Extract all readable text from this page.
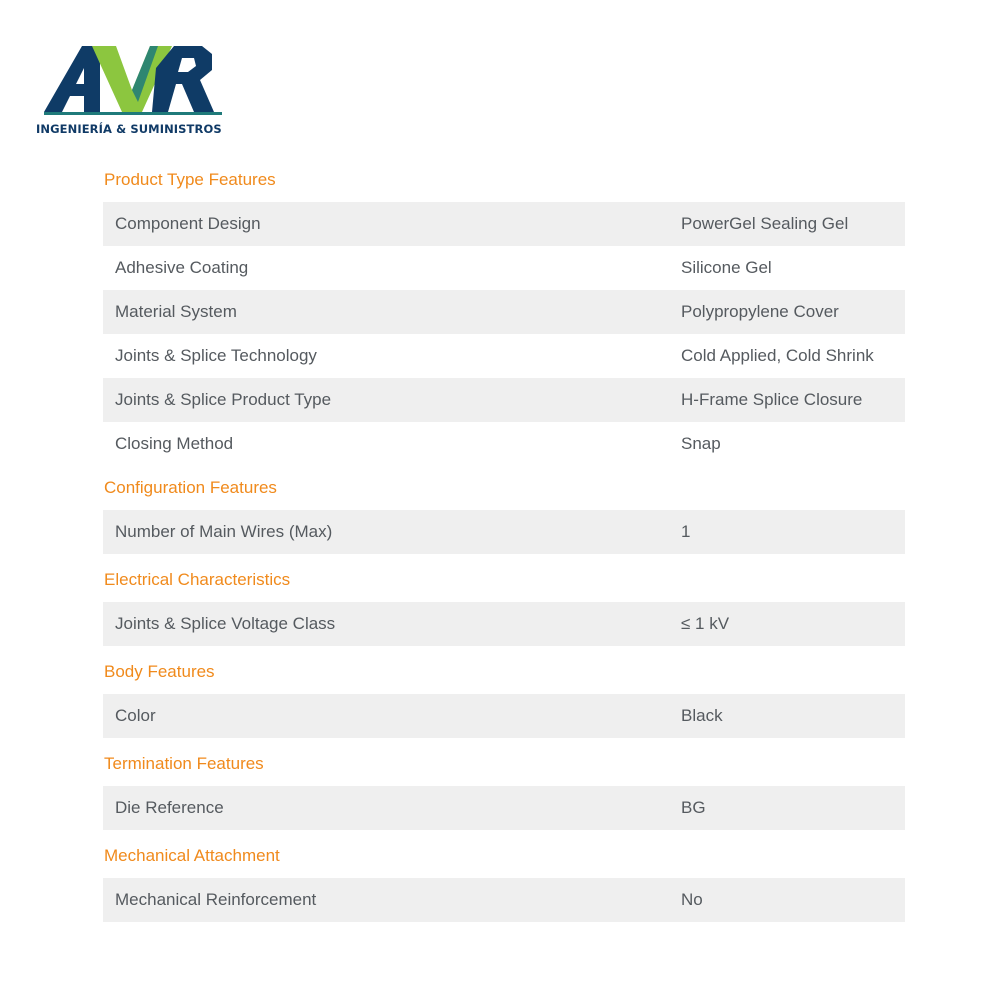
INGENIERÍA & SUMINISTROS
Product Type Features
Component Design	PowerGel Sealing Gel
Adhesive Coating	Silicone Gel
Material System	Polypropylene Cover
Joints & Splice Technology	Cold Applied, Cold Shrink
Joints & Splice Product Type	H-Frame Splice Closure
Closing Method	Snap
Configuration Features
Number of Main Wires (Max)	1
Electrical Characteristics
Joints & Splice Voltage Class	≤ 1 kV
Body Features
Color	Black
Termination Features
Die Reference	BG
Mechanical Attachment
Mechanical Reinforcement	No
